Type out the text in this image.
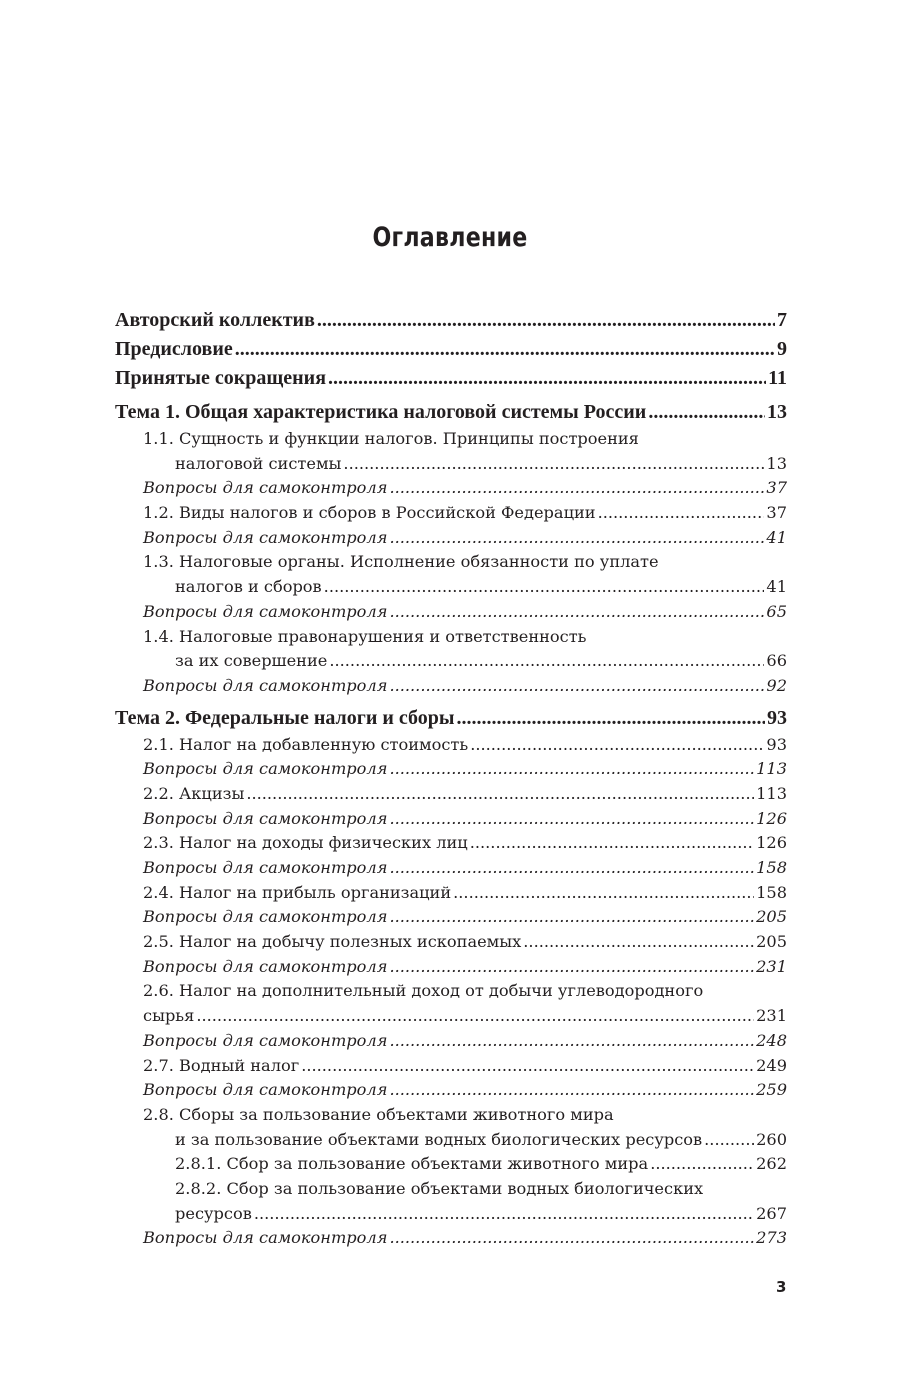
Оглавление
Авторский коллектив .....	7
Предисловие .....	9
Принятые сокращения .....	11
Тема 1. Общая характеристика налоговой системы России .....	13
1.1. Сущность и функции налогов. Принципы построения
налоговой системы .....	13
Вопросы для самоконтроля .....	37
1.2. Виды налогов и сборов в Российской Федерации .....	37
Вопросы для самоконтроля .....	41
1.3. Налоговые органы. Исполнение обязанности по уплате
налогов и сборов .....	41
Вопросы для самоконтроля .....	65
1.4. Налоговые правонарушения и ответственность
за их совершение .....	66
Вопросы для самоконтроля .....	92
Тема 2. Федеральные налоги и сборы .....	93
2.1. Налог на добавленную стоимость .....	93
Вопросы для самоконтроля .....	113
2.2. Акцизы .....	113
Вопросы для самоконтроля .....	126
2.3. Налог на доходы физических лиц .....	126
Вопросы для самоконтроля .....	158
2.4. Налог на прибыль организаций .....	158
Вопросы для самоконтроля .....	205
2.5. Налог на добычу полезных ископаемых .....	205
Вопросы для самоконтроля .....	231
2.6. Налог на дополнительный доход от добычи углеводородного
сырья .....	231
Вопросы для самоконтроля .....	248
2.7. Водный налог .....	249
Вопросы для самоконтроля .....	259
2.8. Сборы за пользование объектами животного мира
и за пользование объектами водных биологических ресурсов .....	260
2.8.1. Сбор за пользование объектами животного мира .....	262
2.8.2. Сбор за пользование объектами водных биологических
ресурсов .....	267
Вопросы для самоконтроля .....	273
3
